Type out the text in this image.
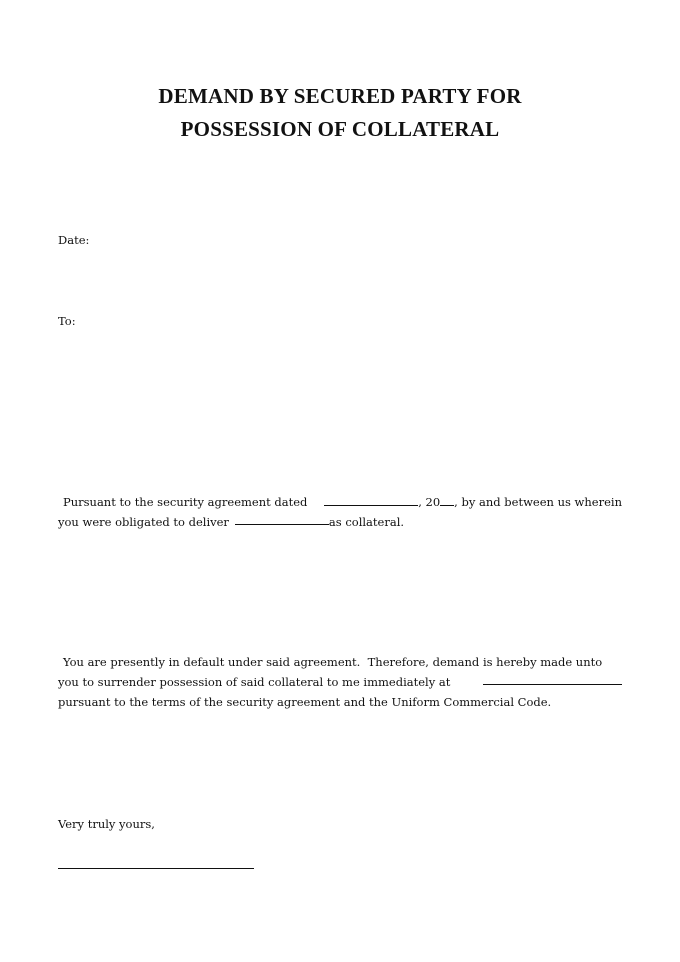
DEMAND BY SECURED PARTY FOR
POSSESSION OF COLLATERAL
Date:
To:
Pursuant to the security agreement dated	, 20 , by and between us wherein
you were obligated to deliver	as collateral.
You are presently in default under said agreement.  Therefore, demand is hereby made unto
you to surrender possession of said collateral to me immediately at
pursuant to the terms of the security agreement and the Uniform Commercial Code.
Very truly yours,
